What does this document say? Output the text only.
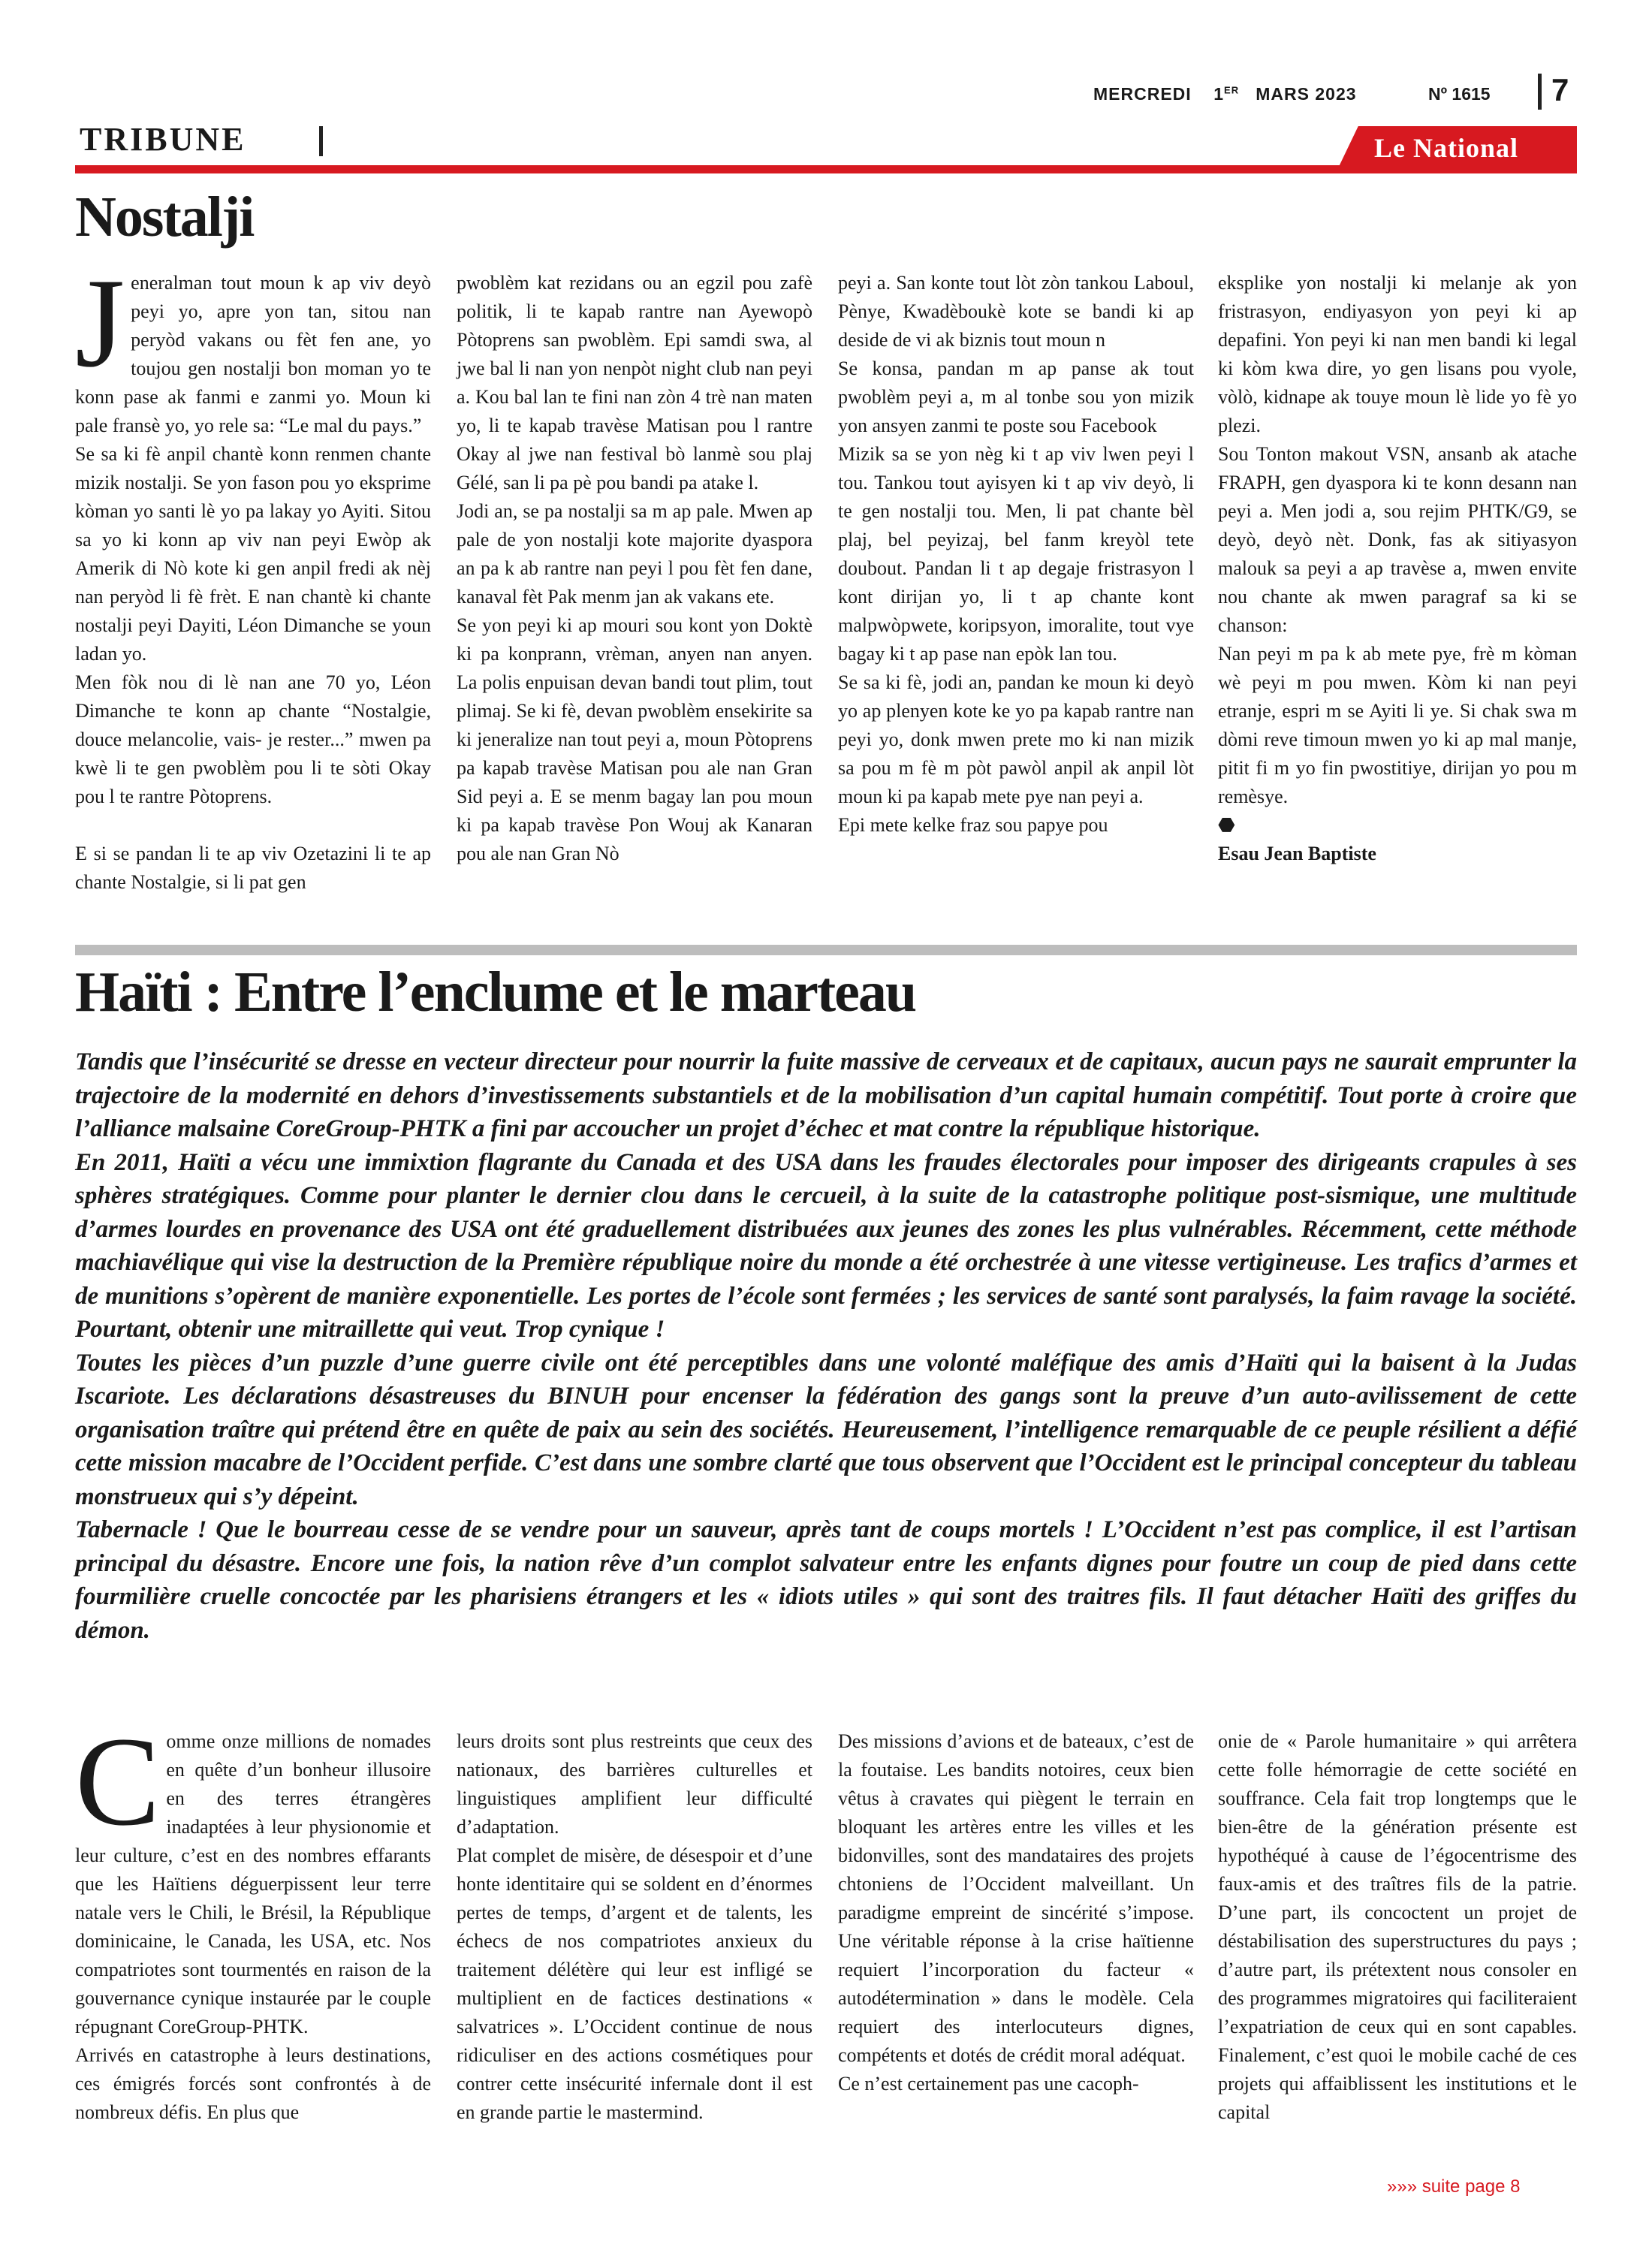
MERCREDI 1ER MARS 2023	Nº 1615 7
TRIBUNE	Le National
Nostalji

Jeneralman tout moun k ap viv deyò peyi yo, apre yon tan, sitou nan peryòd vakans ou fèt fen ane, yo toujou gen nostalji bon moman yo te konn pase ak fanmi e zanmi yo. Moun ki pale fransè yo, yo rele sa: “Le mal du pays.”

Se sa ki fè anpil chantè konn renmen chante mizik nostalji. Se yon fason pou yo eksprime kòman yo santi lè yo pa lakay yo Ayiti. Sitou sa yo ki konn ap viv nan peyi Ewòp ak Amerik di Nò kote ki gen anpil fredi ak nèj nan peryòd li fè frèt. E nan chantè ki chante nostalji peyi Dayiti, Léon Dimanche se youn ladan yo.

Men fòk nou di lè nan ane 70 yo, Léon Dimanche te konn ap chante “Nostalgie, douce melancolie, vais- je rester...” mwen pa kwè li te gen pwoblèm pou li te sòti Okay pou l te rantre Pòtoprens.

E si se pandan li te ap viv Ozetazini li te ap chante Nostalgie, si li pat gen

pwoblèm kat rezidans ou an egzil pou zafè politik, li te kapab rantre nan Ayewopò Pòtoprens san pwoblèm. Epi samdi swa, al jwe bal li nan yon nenpòt night club nan peyi a. Kou bal lan te fini nan zòn 4 trè nan maten yo, li te kapab travèse Matisan pou l rantre Okay al jwe nan festival bò lanmè sou plaj Gélé, san li pa pè pou bandi pa atake l.

Jodi an, se pa nostalji sa m ap pale. Mwen ap pale de yon nostalji kote majorite dyaspora an pa k ab rantre nan peyi l pou fèt fen dane, kanaval fèt Pak menm jan ak vakans ete.

Se yon peyi ki ap mouri sou kont yon Doktè ki pa konprann, vrèman, anyen nan anyen. La polis enpuisan devan bandi tout plim, tout plimaj. Se ki fè, devan pwoblèm ensekirite sa ki jeneralize nan tout peyi a, moun Pòtoprens pa kapab travèse Matisan pou ale nan Gran Sid peyi a. E se menm bagay lan pou moun ki pa kapab travèse Pon Wouj ak Kanaran pou ale nan Gran Nò

peyi a. San konte tout lòt zòn tankou Laboul, Pènye, Kwadèboukè kote se bandi ki ap deside de vi ak biznis tout moun n

Se konsa, pandan m ap panse ak tout pwoblèm peyi a, m al tonbe sou yon mizik yon ansyen zanmi te poste sou Facebook

Mizik sa se yon nèg ki t ap viv lwen peyi l tou. Tankou tout ayisyen ki t ap viv deyò, li te gen nostalji tou. Men, li pat chante bèl plaj, bel peyizaj, bel fanm kreyòl tete doubout. Pandan li t ap degaje fristrasyon l kont dirijan yo, li t ap chante kont malpwòpwete, koripsyon, imoralite, tout vye bagay ki t ap pase nan epòk lan tou.

Se sa ki fè, jodi an, pandan ke moun ki deyò yo ap plenyen kote ke yo pa kapab rantre nan peyi yo, donk mwen prete mo ki nan mizik sa pou m fè m pòt pawòl anpil ak anpil lòt moun ki pa kapab mete pye nan peyi a.

Epi mete kelke fraz sou papye pou

eksplike yon nostalji ki melanje ak yon fristrasyon, endiyasyon yon peyi ki ap depafini. Yon peyi ki nan men bandi ki legal ki kòm kwa dire, yo gen lisans pou vyole, vòlò, kidnape ak touye moun lè lide yo fè yo plezi.

Sou Tonton makout VSN, ansanb ak atache FRAPH, gen dyaspora ki te konn desann nan peyi a. Men jodi a, sou rejim PHTK/G9, se deyò, deyò nèt. Donk, fas ak sitiyasyon malouk sa peyi a ap travèse a, mwen envite nou chante ak mwen paragraf sa ki se chanson:

Nan peyi m pa k ab mete pye, frè m kòman wè peyi m pou mwen. Kòm ki nan peyi etranje, espri m se Ayiti li ye. Si chak swa m dòmi reve timoun mwen yo ki ap mal manje, pitit fi m yo fin pwostitiye, dirijan yo pou m remèsye.

⬣

Esau Jean Baptiste

Haïti : Entre l’enclume et le marteau

Tandis que l’insécurité se dresse en vecteur directeur pour nourrir la fuite massive de cerveaux et de capitaux, aucun pays ne saurait emprunter la trajectoire de la modernité en dehors d’investissements substantiels et de la mobilisation d’un capital humain compétitif. Tout porte à croire que l’alliance malsaine CoreGroup-PHTK a fini par accoucher un projet d’échec et mat contre la république historique.

En 2011, Haïti a vécu une immixtion flagrante du Canada et des USA dans les fraudes électorales pour imposer des dirigeants crapules à ses sphères stratégiques. Comme pour planter le dernier clou dans le cercueil, à la suite de la catastrophe politique post-sismique, une multitude d’armes lourdes en provenance des USA ont été graduellement distribuées aux jeunes des zones les plus vulnérables. Récemment, cette méthode machiavélique qui vise la destruction de la Première république noire du monde a été orchestrée à une vitesse vertigineuse. Les trafics d’armes et de munitions s’opèrent de manière exponentielle. Les portes de l’école sont fermées ; les services de santé sont paralysés, la faim ravage la société. Pourtant, obtenir une mitraillette qui veut. Trop cynique !

Toutes les pièces d’un puzzle d’une guerre civile ont été perceptibles dans une volonté maléfique des amis d’Haïti qui la baisent à la Judas Iscariote. Les déclarations désastreuses du BINUH pour encenser la fédération des gangs sont la preuve d’un auto-avilissement de cette organisation traître qui prétend être en quête de paix au sein des sociétés. Heureusement, l’intelligence remarquable de ce peuple résilient a défié cette mission macabre de l’Occident perfide. C’est dans une sombre clarté que tous observent que l’Occident est le principal concepteur du tableau monstrueux qui s’y dépeint.

Tabernacle ! Que le bourreau cesse de se vendre pour un sauveur, après tant de coups mortels ! L’Occident n’est pas complice, il est l’artisan principal du désastre. Encore une fois, la nation rêve d’un complot salvateur entre les enfants dignes pour foutre un coup de pied dans cette fourmilière cruelle concoctée par les pharisiens étrangers et les « idiots utiles » qui sont des traitres fils. Il faut détacher Haïti des griffes du démon.

Comme onze millions de nomades en quête d’un bonheur illusoire en des terres étrangères inadaptées à leur physionomie et leur culture, c’est en des nombres effarants que les Haïtiens déguerpissent leur terre natale vers le Chili, le Brésil, la République dominicaine, le Canada, les USA, etc. Nos compatriotes sont tourmentés en raison de la gouvernance cynique instaurée par le couple répugnant CoreGroup-PHTK.

Arrivés en catastrophe à leurs destinations, ces émigrés forcés sont confrontés à de nombreux défis. En plus que

leurs droits sont plus restreints que ceux des nationaux, des barrières culturelles et linguistiques amplifient leur difficulté d’adaptation.

Plat complet de misère, de désespoir et d’une honte identitaire qui se soldent en d’énormes pertes de temps, d’argent et de talents, les échecs de nos compatriotes anxieux du traitement délétère qui leur est infligé se multiplient en de factices destinations « salvatrices ». L’Occident continue de nous ridiculiser en des actions cosmétiques pour contrer cette insécurité infernale dont il est en grande partie le mastermind.

Des missions d’avions et de bateaux, c’est de la foutaise. Les bandits notoires, ceux bien vêtus à cravates qui piègent le terrain en bloquant les artères entre les villes et les bidonvilles, sont des mandataires des projets chtoniens de l’Occident malveillant. Un paradigme empreint de sincérité s’impose. Une véritable réponse à la crise haïtienne requiert l’incorporation du facteur « autodétermination » dans le modèle. Cela requiert des interlocuteurs dignes, compétents et dotés de crédit moral adéquat.

Ce n’est certainement pas une cacoph-

onie de « Parole humanitaire » qui arrêtera cette folle hémorragie de cette société en souffrance. Cela fait trop longtemps que le bien-être de la génération présente est hypothéqué à cause de l’égocentrisme des faux-amis et des traîtres fils de la patrie. D’une part, ils concoctent un projet de déstabilisation des superstructures du pays ; d’autre part, ils prétextent nous consoler en des programmes migratoires qui faciliteraient l’expatriation de ceux qui en sont capables. Finalement, c’est quoi le mobile caché de ces projets qui affaiblissent les institutions et le capital

»»» suite page 8
